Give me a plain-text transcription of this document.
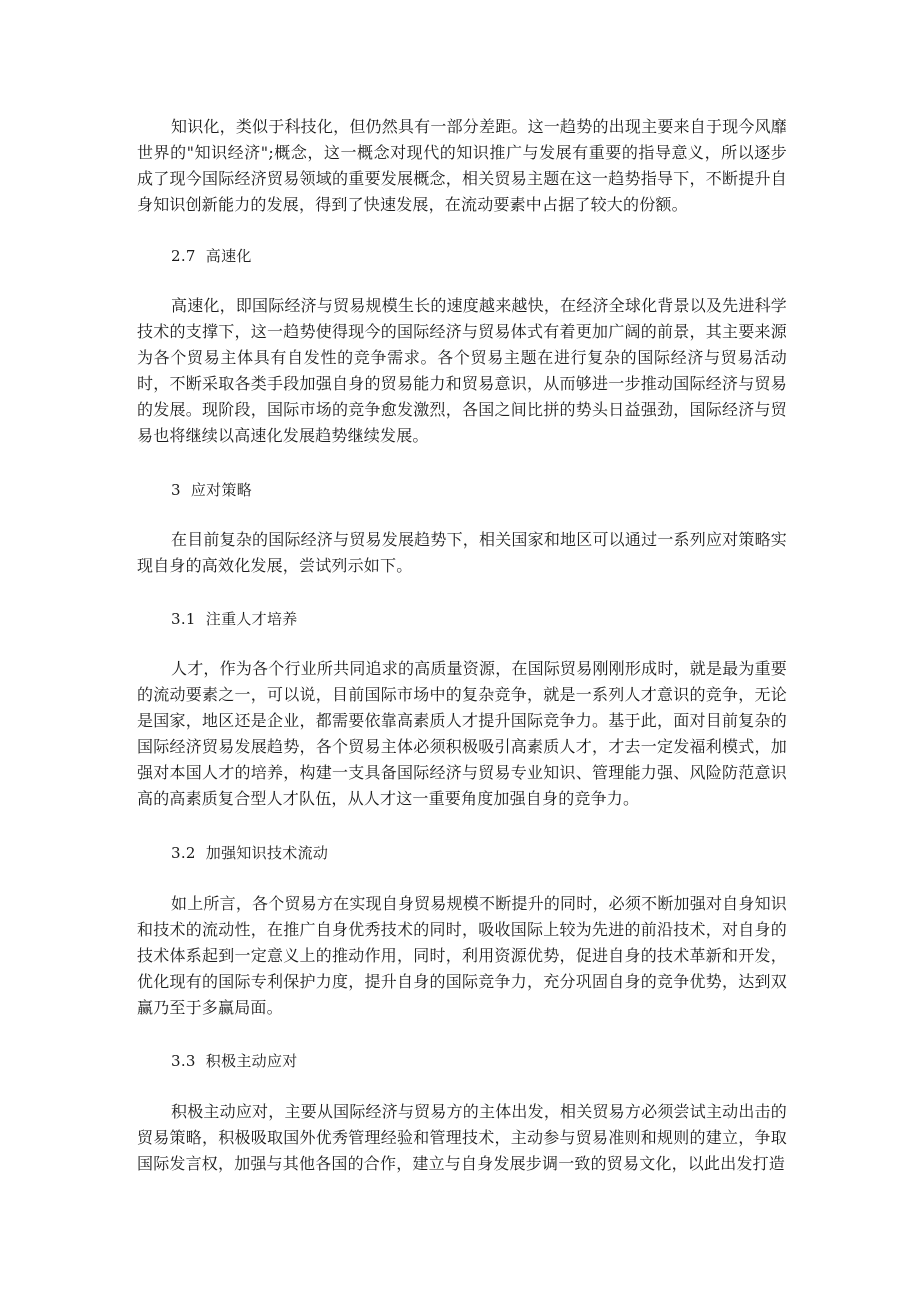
知识化，类似于科技化，但仍然具有一部分差距。这一趋势的出现主要来自于现今风靡世界的"知识经济";概念，这一概念对现代的知识推广与发展有重要的指导意义，所以逐步成了现今国际经济贸易领域的重要发展概念，相关贸易主题在这一趋势指导下，不断提升自身知识创新能力的发展，得到了快速发展，在流动要素中占据了较大的份额。

2.7 高速化

高速化，即国际经济与贸易规模生长的速度越来越快，在经济全球化背景以及先进科学技术的支撑下，这一趋势使得现今的国际经济与贸易体式有着更加广阔的前景，其主要来源为各个贸易主体具有自发性的竞争需求。各个贸易主题在进行复杂的国际经济与贸易活动时，不断采取各类手段加强自身的贸易能力和贸易意识，从而够进一步推动国际经济与贸易的发展。现阶段，国际市场的竞争愈发激烈，各国之间比拼的势头日益强劲，国际经济与贸易也将继续以高速化发展趋势继续发展。

3 应对策略

在目前复杂的国际经济与贸易发展趋势下，相关国家和地区可以通过一系列应对策略实现自身的高效化发展，尝试列示如下。

3.1 注重人才培养

人才，作为各个行业所共同追求的高质量资源，在国际贸易刚刚形成时，就是最为重要的流动要素之一，可以说，目前国际市场中的复杂竞争，就是一系列人才意识的竞争，无论是国家，地区还是企业，都需要依靠高素质人才提升国际竞争力。基于此，面对目前复杂的国际经济贸易发展趋势，各个贸易主体必须积极吸引高素质人才，才去一定发福利模式，加强对本国人才的培养，构建一支具备国际经济与贸易专业知识、管理能力强、风险防范意识高的高素质复合型人才队伍，从人才这一重要角度加强自身的竞争力。

3.2 加强知识技术流动

如上所言，各个贸易方在实现自身贸易规模不断提升的同时，必须不断加强对自身知识和技术的流动性，在推广自身优秀技术的同时，吸收国际上较为先进的前沿技术，对自身的技术体系起到一定意义上的推动作用，同时，利用资源优势，促进自身的技术革新和开发，优化现有的国际专利保护力度，提升自身的国际竞争力，充分巩固自身的竞争优势，达到双赢乃至于多赢局面。

3.3 积极主动应对

积极主动应对，主要从国际经济与贸易方的主体出发，相关贸易方必须尝试主动出击的贸易策略，积极吸取国外优秀管理经验和管理技术，主动参与贸易准则和规则的建立，争取国际发言权，加强与其他各国的合作，建立与自身发展步调一致的贸易文化，以此出发打造
